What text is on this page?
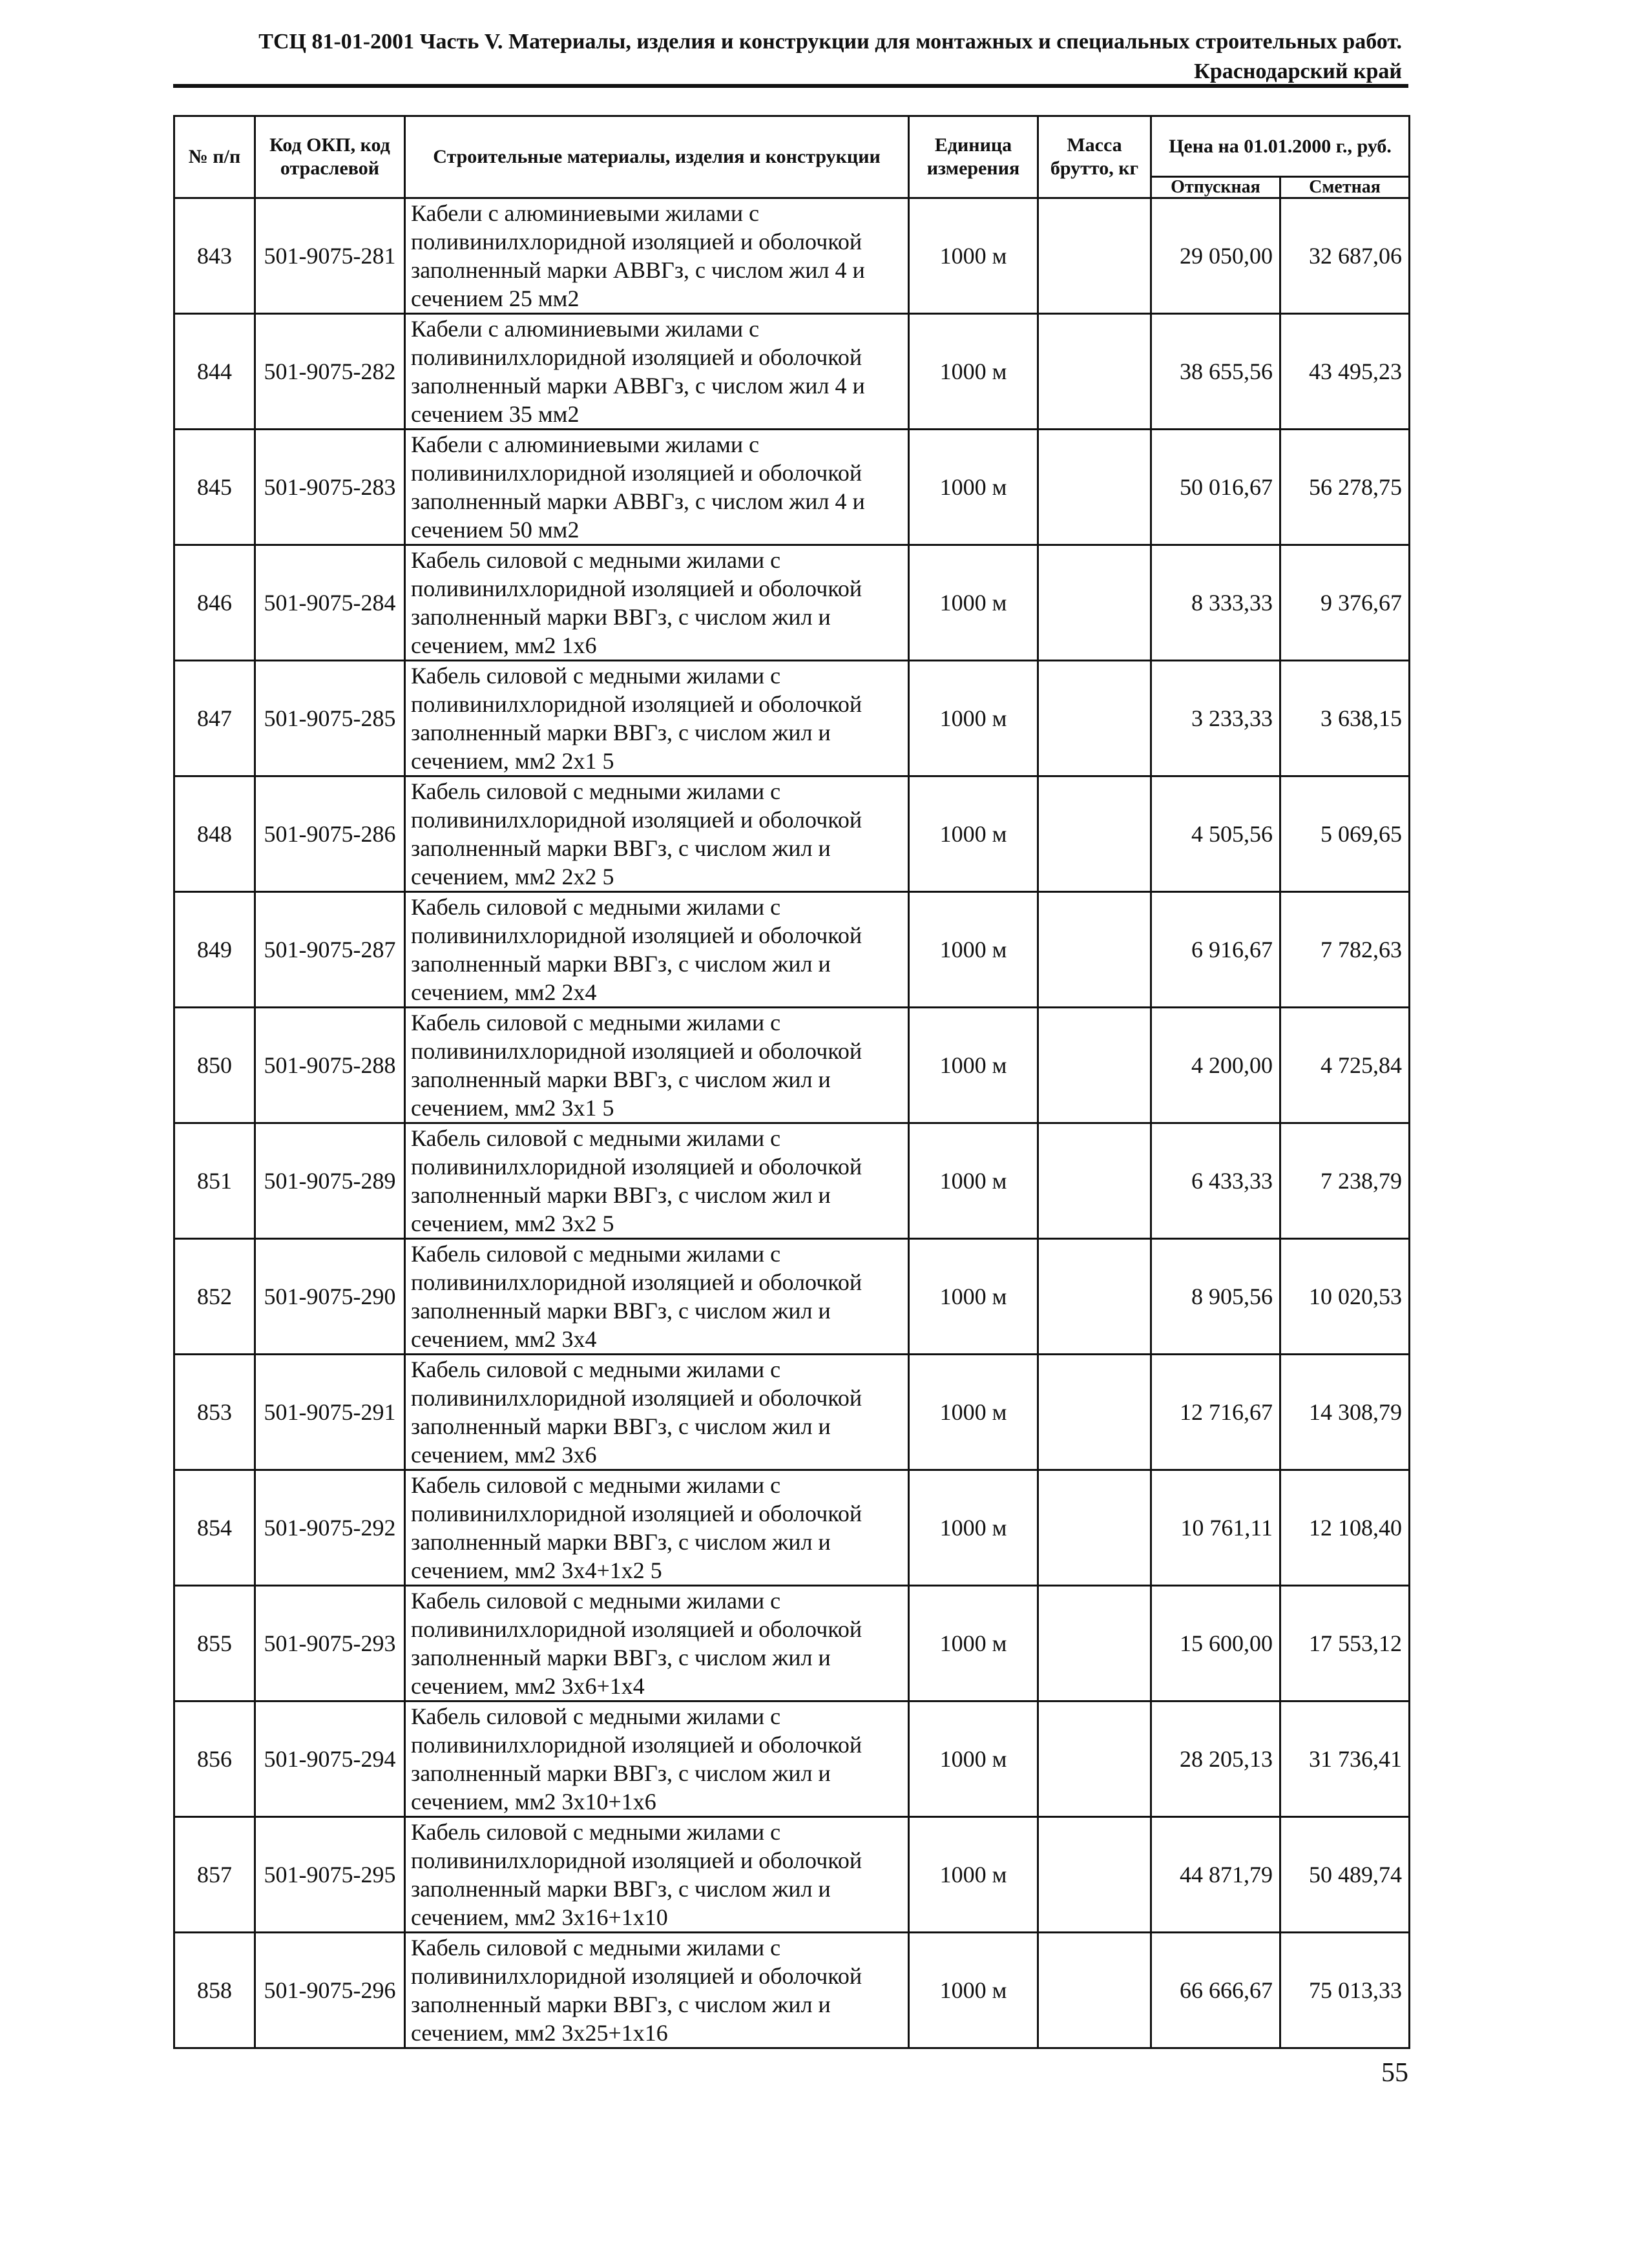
ТСЦ 81-01-2001 Часть V. Материалы, изделия и конструкции для монтажных и специальных строительных работ.
Краснодарский край
№ п/п	Код ОКП, код отраслевой	Строительные материалы, изделия и конструкции	Единица измерения	Масса брутто, кг	Цена на 01.01.2000 г., руб.	
					Отпускная	Сметная
843	501-9075-281	Кабели с алюминиевыми жилами с поливинилхлоридной изоляцией и оболочкой заполненный марки АВВГз, с числом жил 4 и сечением 25 мм2	1000 м		29 050,00	32 687,06
844	501-9075-282	Кабели с алюминиевыми жилами с поливинилхлоридной изоляцией и оболочкой заполненный марки АВВГз, с числом жил 4 и сечением 35 мм2	1000 м		38 655,56	43 495,23
845	501-9075-283	Кабели с алюминиевыми жилами с поливинилхлоридной изоляцией и оболочкой заполненный марки АВВГз, с числом жил 4 и сечением 50 мм2	1000 м		50 016,67	56 278,75
846	501-9075-284	Кабель силовой с медными жилами с поливинилхлоридной изоляцией и оболочкой заполненный марки ВВГз, с числом жил и сечением, мм2 1х6	1000 м		8 333,33	9 376,67
847	501-9075-285	Кабель силовой с медными жилами с поливинилхлоридной изоляцией и оболочкой заполненный марки ВВГз, с числом жил и сечением, мм2 2х1 5	1000 м		3 233,33	3 638,15
848	501-9075-286	Кабель силовой с медными жилами с поливинилхлоридной изоляцией и оболочкой заполненный марки ВВГз, с числом жил и сечением, мм2 2х2 5	1000 м		4 505,56	5 069,65
849	501-9075-287	Кабель силовой с медными жилами с поливинилхлоридной изоляцией и оболочкой заполненный марки ВВГз, с числом жил и сечением, мм2 2х4	1000 м		6 916,67	7 782,63
850	501-9075-288	Кабель силовой с медными жилами с поливинилхлоридной изоляцией и оболочкой заполненный марки ВВГз, с числом жил и сечением, мм2 3х1 5	1000 м		4 200,00	4 725,84
851	501-9075-289	Кабель силовой с медными жилами с поливинилхлоридной изоляцией и оболочкой заполненный марки ВВГз, с числом жил и сечением, мм2 3х2 5	1000 м		6 433,33	7 238,79
852	501-9075-290	Кабель силовой с медными жилами с поливинилхлоридной изоляцией и оболочкой заполненный марки ВВГз, с числом жил и сечением, мм2 3х4	1000 м		8 905,56	10 020,53
853	501-9075-291	Кабель силовой с медными жилами с поливинилхлоридной изоляцией и оболочкой заполненный марки ВВГз, с числом жил и сечением, мм2 3х6	1000 м		12 716,67	14 308,79
854	501-9075-292	Кабель силовой с медными жилами с поливинилхлоридной изоляцией и оболочкой заполненный марки ВВГз, с числом жил и сечением, мм2 3х4+1х2 5	1000 м		10 761,11	12 108,40
855	501-9075-293	Кабель силовой с медными жилами с поливинилхлоридной изоляцией и оболочкой заполненный марки ВВГз, с числом жил и сечением, мм2 3х6+1х4	1000 м		15 600,00	17 553,12
856	501-9075-294	Кабель силовой с медными жилами с поливинилхлоридной изоляцией и оболочкой заполненный марки ВВГз, с числом жил и сечением, мм2 3х10+1х6	1000 м		28 205,13	31 736,41
857	501-9075-295	Кабель силовой с медными жилами с поливинилхлоридной изоляцией и оболочкой заполненный марки ВВГз, с числом жил и сечением, мм2 3х16+1х10	1000 м		44 871,79	50 489,74
858	501-9075-296	Кабель силовой с медными жилами с поливинилхлоридной изоляцией и оболочкой заполненный марки ВВГз, с числом жил и сечением, мм2 3х25+1х16	1000 м		66 666,67	75 013,33
55
